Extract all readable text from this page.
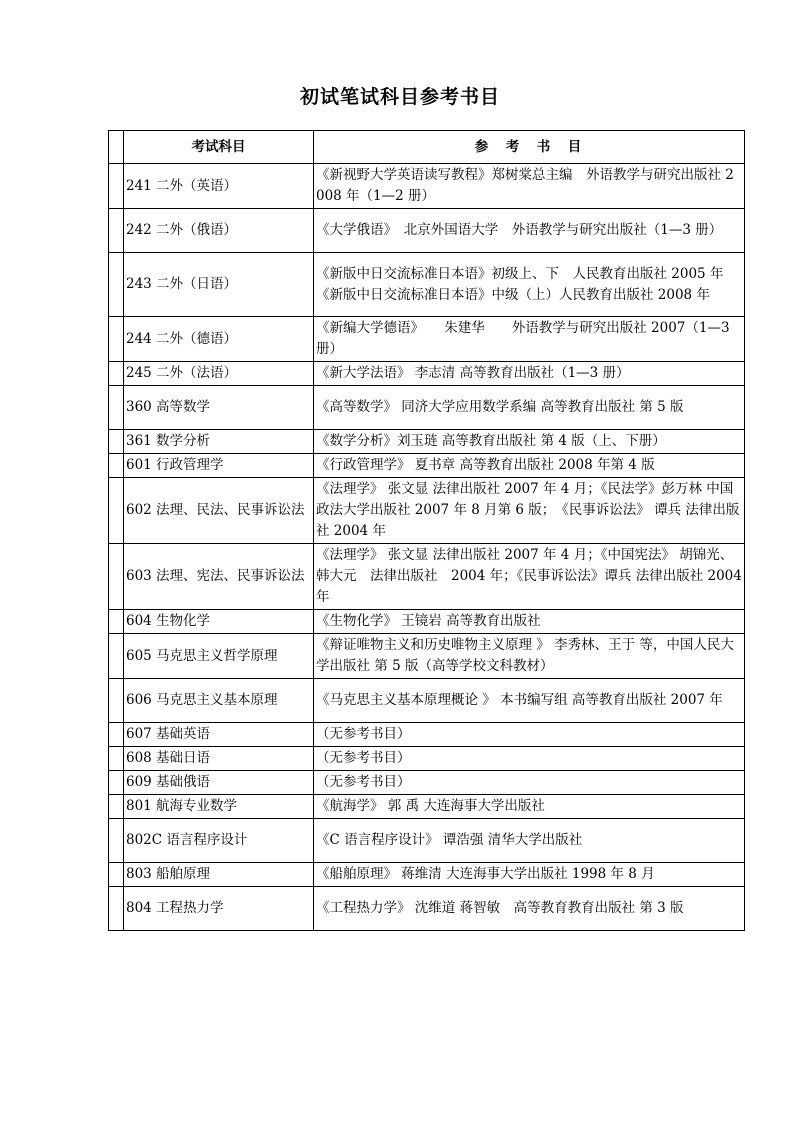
初试笔试科目参考书目
	考试科目	参　考　书　目
	241 二外（英语）	《新视野大学英语读写教程》郑树棠总主编　外语教学与研究出版社 2008 年（1—2 册）
	242 二外（俄语）	《大学俄语》　北京外国语大学　外语教学与研究出版社（1—3 册）
	243 二外（日语）	《新版中日交流标准日本语》初级上、下　人民教育出版社 2005 年　《新版中日交流标准日本语》中级（上）人民教育出版社 2008 年
	244 二外（德语）	《新编大学德语》　　朱建华　　外语教学与研究出版社 2007（1—3 册）
	245 二外（法语）	《新大学法语》 李志清 高等教育出版社（1—3 册）
	360 高等数学	《高等数学》 同济大学应用数学系编 高等教育出版社 第 5 版
	361 数学分析	《数学分析》刘玉琏 高等教育出版社 第 4 版（上、下册）
	601 行政管理学	《行政管理学》 夏书章 高等教育出版社 2008 年第 4 版
	602 法理、民法、民事诉讼法	《法理学》 张文显 法律出版社 2007 年 4 月；《民法学》彭万林 中国政法大学出版社 2007 年 8 月第 6 版；　《民事诉讼法》 谭兵 法律出版社 2004 年
	603 法理、宪法、民事诉讼法	《法理学》 张文显 法律出版社 2007 年 4 月；《中国宪法》 胡锦光、韩大元　法律出版社　2004 年；《民事诉讼法》谭兵 法律出版社 2004 年
	604 生物化学	《生物化学》 王镜岩 高等教育出版社
	605 马克思主义哲学原理	《辩证唯物主义和历史唯物主义原理 》 李秀林、王于 等，中国人民大学出版社 第 5 版（高等学校文科教材）
	606 马克思主义基本原理	《马克思主义基本原理概论 》 本书编写组 高等教育出版社 2007 年
	607 基础英语	（无参考书目）
	608 基础日语	（无参考书目）
	609 基础俄语	（无参考书目）
	801 航海专业数学	《航海学》 郭 禹 大连海事大学出版社
	802C 语言程序设计	《C 语言程序设计》 谭浩强 清华大学出版社
	803 船舶原理	《船舶原理》 蒋维清 大连海事大学出版社 1998 年 8 月
	804 工程热力学	《工程热力学》 沈维道 蒋智敏　高等教育教育出版社 第 3 版
